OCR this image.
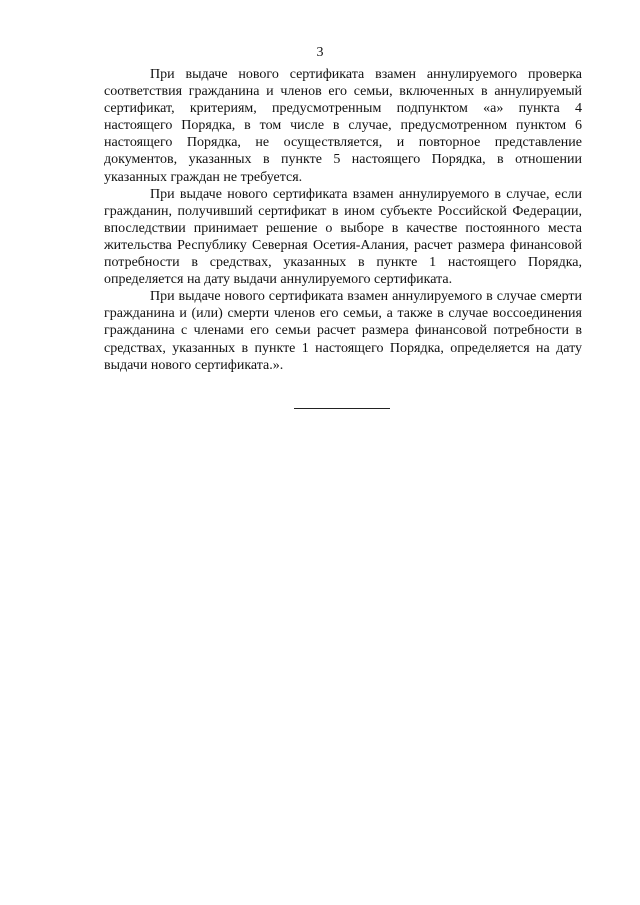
3

При выдаче нового сертификата взамен аннулируемого проверка соответствия гражданина и членов его семьи, включенных в аннулируемый сертификат, критериям, предусмотренным подпунктом «а» пункта 4 настоящего Порядка, в том числе в случае, предусмотренном пунктом 6 настоящего Порядка, не осуществляется, и повторное представление документов, указанных в пункте 5 настоящего Порядка, в отношении указанных граждан не требуется.

При выдаче нового сертификата взамен аннулируемого в случае, если гражданин, получивший сертификат в ином субъекте Российской Федерации, впоследствии принимает решение о выборе в качестве постоянного места жительства Республику Северная Осетия-Алания, расчет размера финансовой потребности в средствах, указанных в пункте 1 настоящего Порядка, определяется на дату выдачи аннулируемого сертификата.

При выдаче нового сертификата взамен аннулируемого в случае смерти гражданина и (или) смерти членов его семьи, а также в случае воссоединения гражданина с членами его семьи расчет размера финансовой потребности в средствах, указанных в пункте 1 настоящего Порядка, определяется на дату выдачи нового сертификата.».
